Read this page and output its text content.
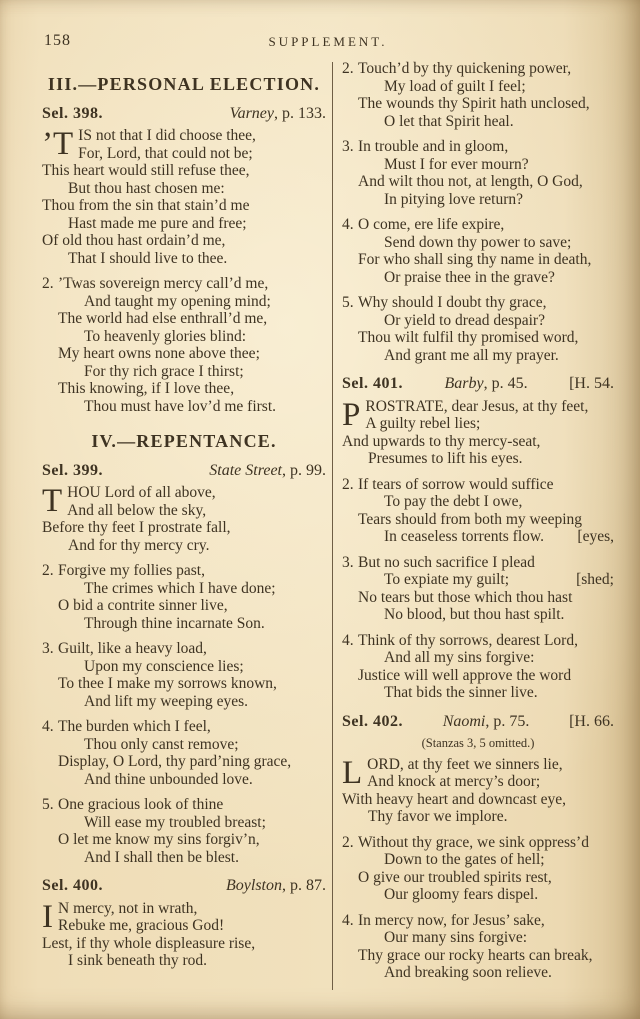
158	SUPPLEMENT.
III.—PERSONAL ELECTION.
Sel. 398.	Varney, p. 133.
’T IS not that I did choose thee,
For, Lord, that could not be;
This heart would still refuse thee,
But thou hast chosen me:
Thou from the sin that stain’d me
Hast made me pure and free;
Of old thou hast ordain’d me,
That I should live to thee.
2. ’Twas sovereign mercy call’d me,
And taught my opening mind;
The world had else enthrall’d me,
To heavenly glories blind:
My heart owns none above thee;
For thy rich grace I thirst;
This knowing, if I love thee,
Thou must have lov’d me first.
IV.—REPENTANCE.
Sel. 399.	State Street, p. 99.
T HOU Lord of all above,
And all below the sky,
Before thy feet I prostrate fall,
And for thy mercy cry.
2. Forgive my follies past,
The crimes which I have done;
O bid a contrite sinner live,
Through thine incarnate Son.
3. Guilt, like a heavy load,
Upon my conscience lies;
To thee I make my sorrows known,
And lift my weeping eyes.
4. The burden which I feel,
Thou only canst remove;
Display, O Lord, thy pard’ning grace,
And thine unbounded love.
5. One gracious look of thine
Will ease my troubled breast;
O let me know my sins forgiv’n,
And I shall then be blest.
Sel. 400.	Boylston, p. 87.
I N mercy, not in wrath,
Rebuke me, gracious God!
Lest, if thy whole displeasure rise,
I sink beneath thy rod.
2. Touch’d by thy quickening power,
My load of guilt I feel;
The wounds thy Spirit hath unclosed,
O let that Spirit heal.
3. In trouble and in gloom,
Must I for ever mourn?
And wilt thou not, at length, O God,
In pitying love return?
4. O come, ere life expire,
Send down thy power to save;
For who shall sing thy name in death,
Or praise thee in the grave?
5. Why should I doubt thy grace,
Or yield to dread despair?
Thou wilt fulfil thy promised word,
And grant me all my prayer.
Sel. 401.	Barby, p. 45.	[H. 54.
P ROSTRATE, dear Jesus, at thy feet,
A guilty rebel lies;
And upwards to thy mercy-seat,
Presumes to lift his eyes.
2. If tears of sorrow would suffice
To pay the debt I owe,
Tears should from both my weeping
In ceaseless torrents flow. [eyes,
3. But no such sacrifice I plead
To expiate my guilt;	[shed;
No tears but those which thou hast
No blood, but thou hast spilt.
4. Think of thy sorrows, dearest Lord,
And all my sins forgive:
Justice will well approve the word
That bids the sinner live.
Sel. 402. Naomi, p. 75. [H. 66.
(Stanzas 3, 5 omitted.)
L ORD, at thy feet we sinners lie,
And knock at mercy’s door;
With heavy heart and downcast eye,
Thy favor we implore.
2. Without thy grace, we sink oppress’d
Down to the gates of hell;
O give our troubled spirits rest,
Our gloomy fears dispel.
4. In mercy now, for Jesus’ sake,
Our many sins forgive:
Thy grace our rocky hearts can break,
And breaking soon relieve.
